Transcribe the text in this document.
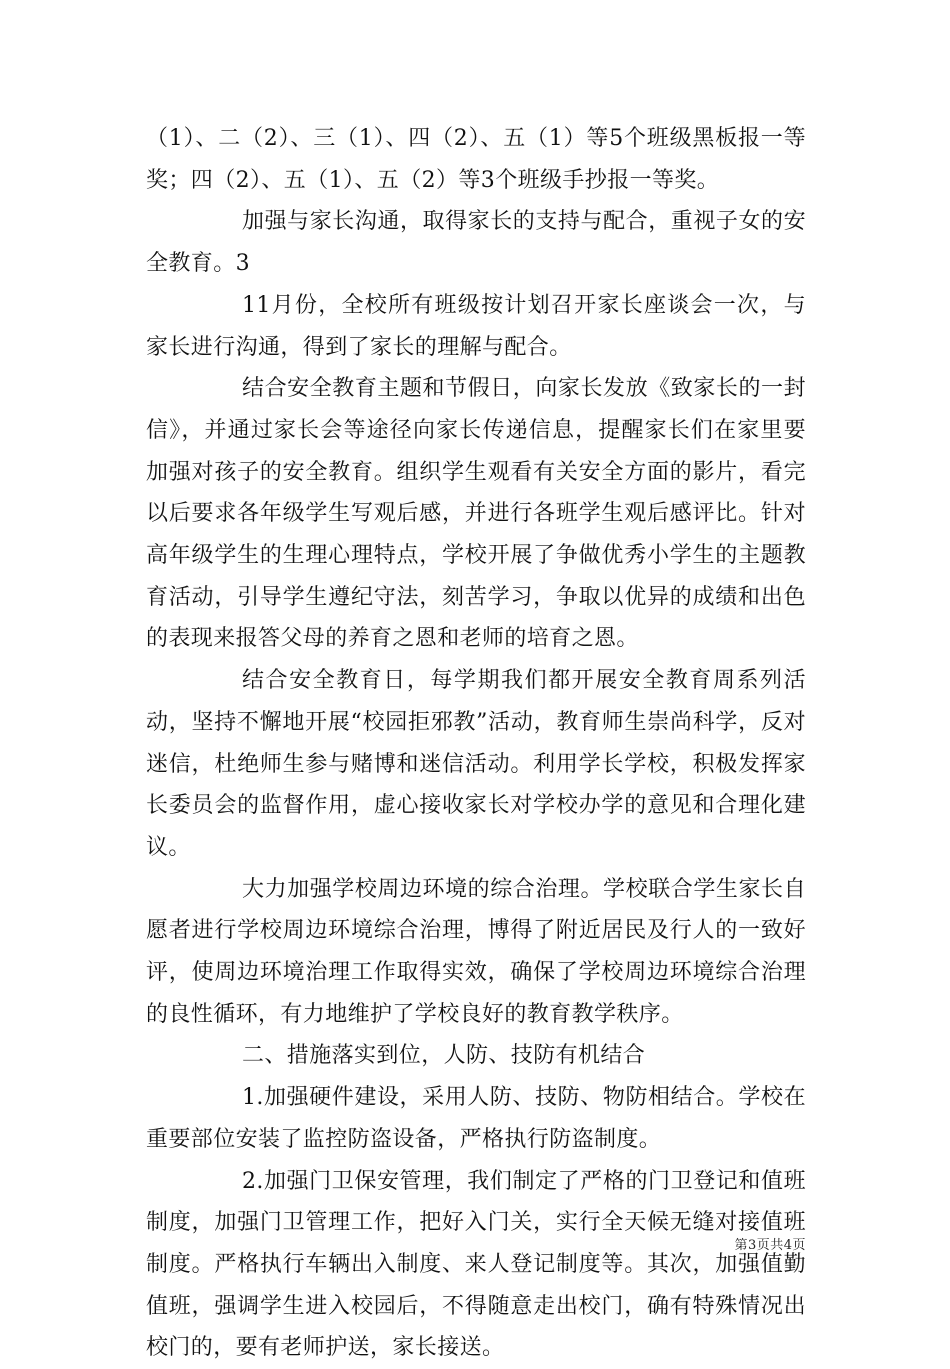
（1）、二（2）、三（1）、四（2）、五（1）等5个班级黑板报一等奖；四（2）、五（1）、五（2）等3个班级手抄报一等奖。

加强与家长沟通，取得家长的支持与配合，重视子女的安全教育。3

11月份，全校所有班级按计划召开家长座谈会一次，与家长进行沟通，得到了家长的理解与配合。

结合安全教育主题和节假日，向家长发放《致家长的一封信》，并通过家长会等途径向家长传递信息，提醒家长们在家里要加强对孩子的安全教育。组织学生观看有关安全方面的影片，看完以后要求各年级学生写观后感，并进行各班学生观后感评比。针对高年级学生的生理心理特点，学校开展了争做优秀小学生的主题教育活动，引导学生遵纪守法，刻苦学习，争取以优异的成绩和出色的表现来报答父母的养育之恩和老师的培育之恩。

结合安全教育日，每学期我们都开展安全教育周系列活动，坚持不懈地开展“校园拒邪教”活动，教育师生崇尚科学，反对迷信，杜绝师生参与赌博和迷信活动。利用学长学校，积极发挥家长委员会的监督作用，虚心接收家长对学校办学的意见和合理化建议。

大力加强学校周边环境的综合治理。学校联合学生家长自愿者进行学校周边环境综合治理，博得了附近居民及行人的一致好评，使周边环境治理工作取得实效，确保了学校周边环境综合治理的良性循环，有力地维护了学校良好的教育教学秩序。

二、措施落实到位，人防、技防有机结合

1.加强硬件建设，采用人防、技防、物防相结合。学校在重要部位安装了监控防盗设备，严格执行防盗制度。

2.加强门卫保安管理，我们制定了严格的门卫登记和值班制度，加强门卫管理工作，把好入门关，实行全天候无缝对接值班制度。严格执行车辆出入制度、来人登记制度等。其次，加强值勤值班，强调学生进入校园后，不得随意走出校门，确有特殊情况出校门的，要有老师护送，家长接送。

第3页共4页
